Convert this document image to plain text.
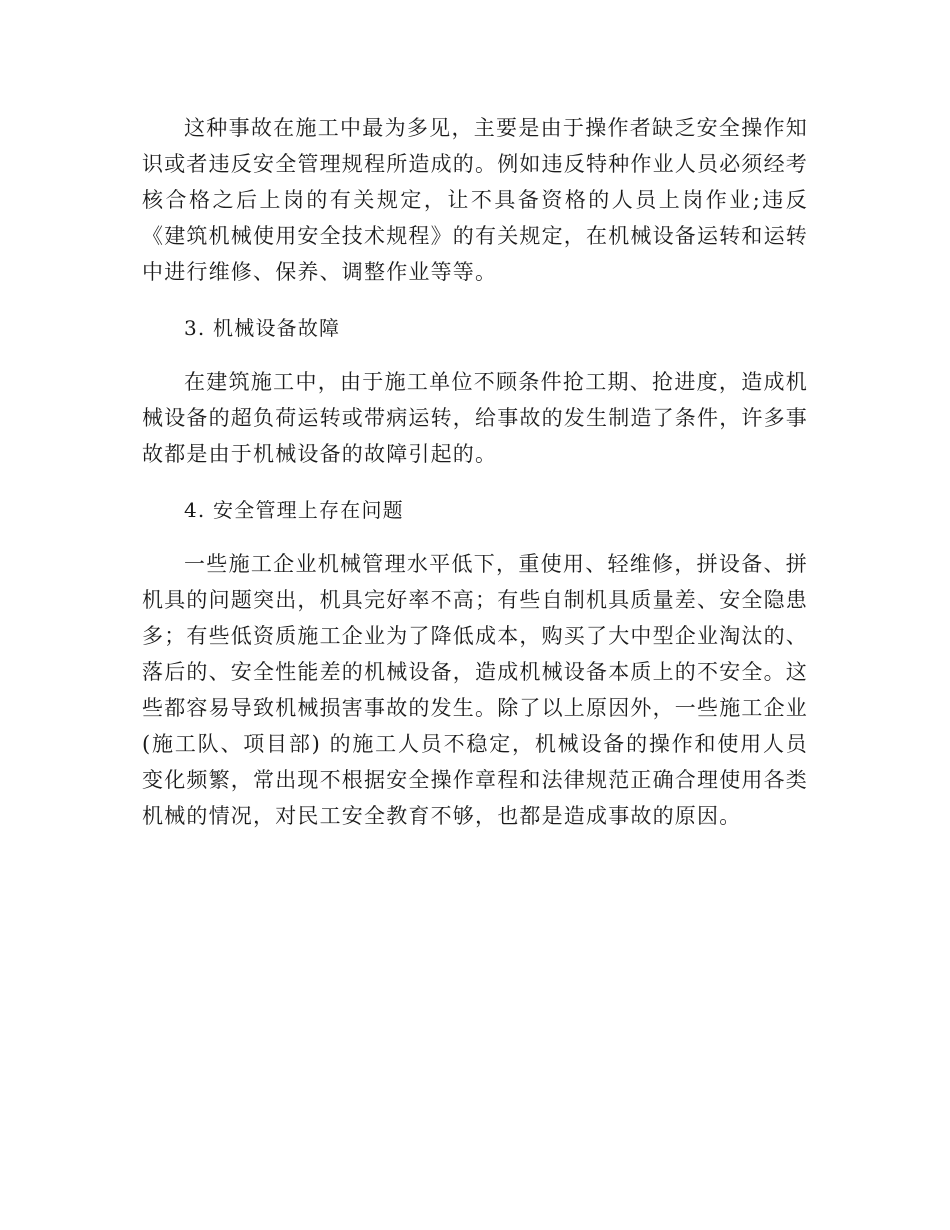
这种事故在施工中最为多见，主要是由于操作者缺乏安全操作知识或者违反安全管理规程所造成的。例如违反特种作业人员必须经考核合格之后上岗的有关规定，让不具备资格的人员上岗作业;违反《建筑机械使用安全技术规程》的有关规定，在机械设备运转和运转中进行维修、保养、调整作业等等。

3. 机械设备故障

在建筑施工中，由于施工单位不顾条件抢工期、抢进度，造成机械设备的超负荷运转或带病运转，给事故的发生制造了条件，许多事故都是由于机械设备的故障引起的。

4. 安全管理上存在问题

一些施工企业机械管理水平低下，重使用、轻维修，拼设备、拼机具的问题突出，机具完好率不高；有些自制机具质量差、安全隐患多；有些低资质施工企业为了降低成本，购买了大中型企业淘汰的、落后的、安全性能差的机械设备，造成机械设备本质上的不安全。这些都容易导致机械损害事故的发生。除了以上原因外，一些施工企业(施工队、项目部) 的施工人员不稳定，机械设备的操作和使用人员变化频繁，常出现不根据安全操作章程和法律规范正确合理使用各类机械的情况，对民工安全教育不够，也都是造成事故的原因。
